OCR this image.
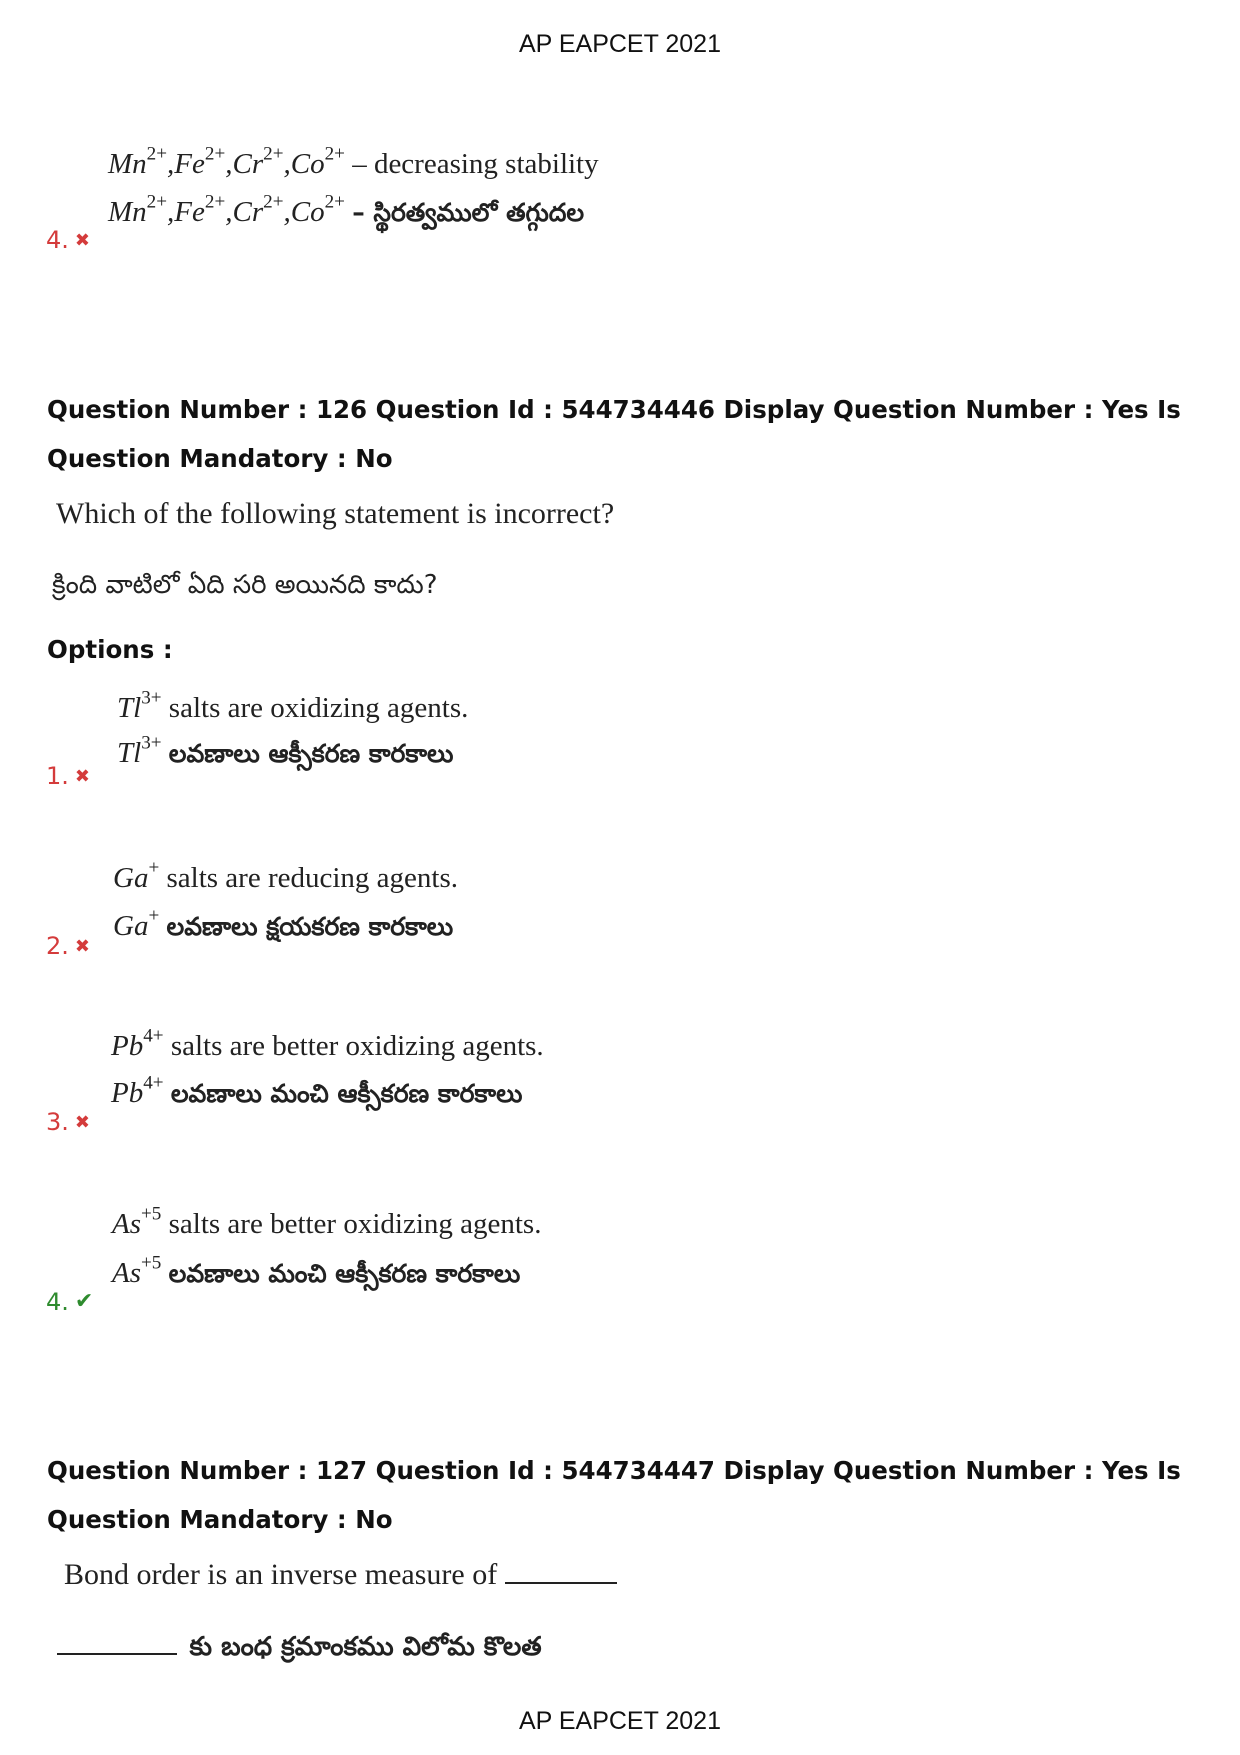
AP EAPCET 2021
$Mn^{2+},Fe^{2+},Cr^{2+},Co^{2+}$ – decreasing stability
$Mn^{2+},Fe^{2+},Cr^{2+},Co^{2+}$ – స్థిరత్వములో తగ్గుదల
4. ✖
Question Number : 126 Question Id : 544734446 Display Question Number : Yes Is Question Mandatory : No
Which of the following statement is incorrect?
క్రింది వాటిలో ఏది సరి అయినది కాదు?
Options :
$Tl^{3+}$ salts are oxidizing agents.
$Tl^{3+}$ లవణాలు ఆక్సీకరణ కారకాలు
1. ✖
Ga+ salts are reducing agents.
Ga+ లవణాలు క్షయకరణ కారకాలు
2. ✖
$Pb^{4+}$ salts are better oxidizing agents.
$Pb^{4+}$ లవణాలు మంచి ఆక్సీకరణ కారకాలు
3. ✖
$As^{+5}$ salts are better oxidizing agents.
$As^{+5}$ లవణాలు మంచి ఆక్సీకరణ కారకాలు
4. ✔
Question Number : 127 Question Id : 544734447 Display Question Number : Yes Is Question Mandatory : No
Bond order is an inverse measure of
కు బంధ క్రమాంకము విలోమ కొలత
AP EAPCET 2021
